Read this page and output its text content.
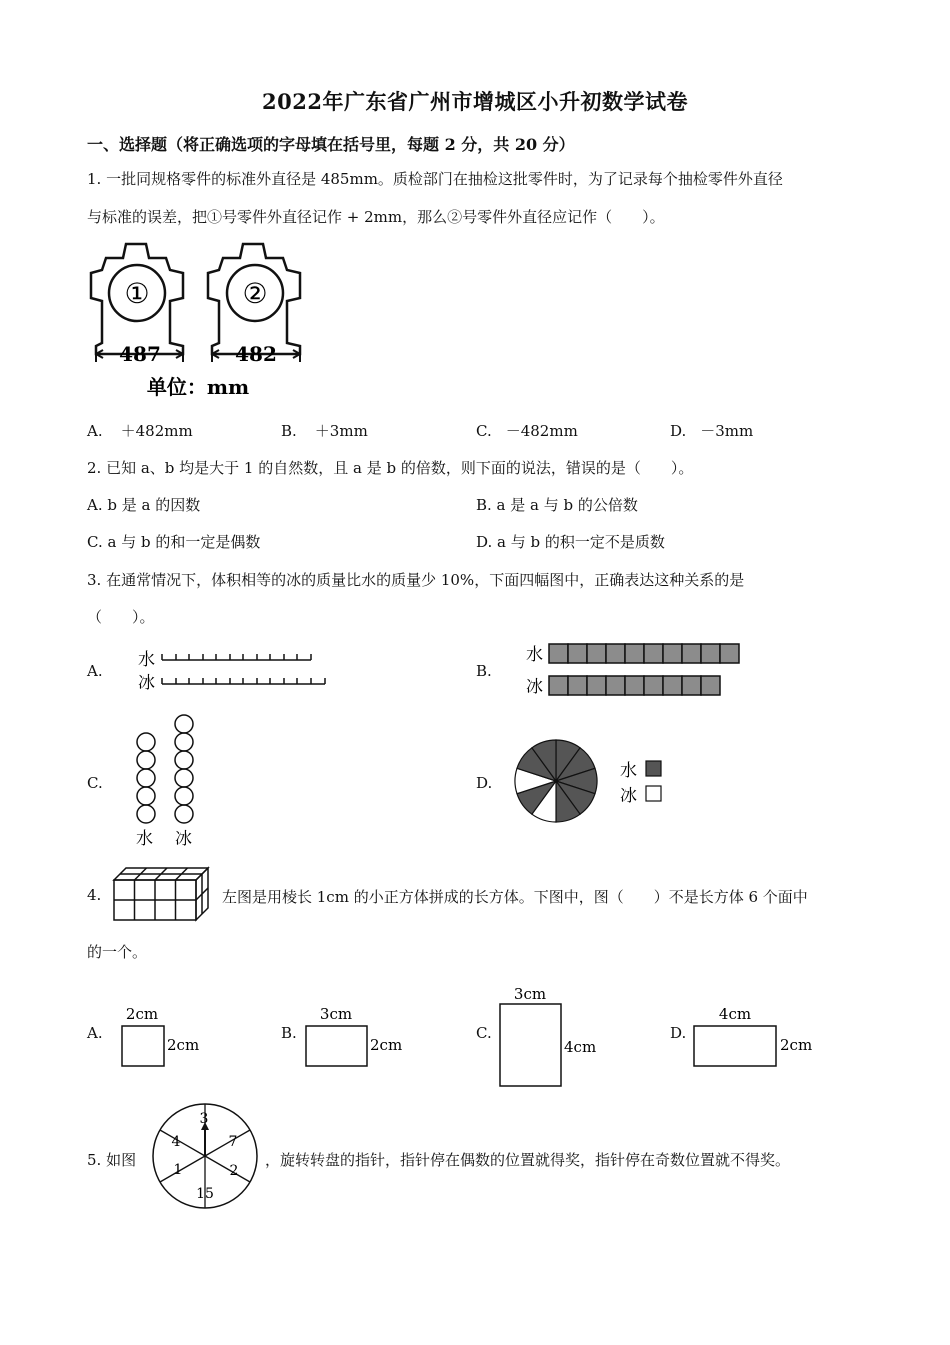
2022年广东省广州市增城区小升初数学试卷
一、选择题（将正确选项的字母填在括号里，每题 2 分，共 20 分）
1. 一批同规格零件的标准外直径是 485mm。质检部门在抽检这批零件时，为了记录每个抽检零件外直径
与标准的误差，把①号零件外直径记作 + 2mm，那么②号零件外直径应记作（　　）。
①	②
487	482
单位：mm
A. ＋482mm	B. ＋3mm	C. －482mm	D. －3mm
2. 已知 a、b 均是大于 1 的自然数，且 a 是 b 的倍数，则下面的说法，错误的是（　　）。
A. b 是 a 的因数	B. a 是 a 与 b 的公倍数
C. a 与 b 的和一定是偶数	D. a 与 b 的积一定不是质数
3. 在通常情况下，体积相等的冰的质量比水的质量少 10%，下面四幅图中，正确表达这种关系的是
（　　）。
A.
水
冰
B.
水
冰
C.
水 冰
D.
水
冰
4.	左图是用棱长 1cm 的小正方体拼成的长方体。下图中，图（　　）不是长方体 6 个面中
的一个。
A.
2cm
2cm
B.
3cm
2cm
C.
3cm
4cm
D.
4cm
2cm
5. 如图
3
7
2
15
1
4
，旋转转盘的指针，指针停在偶数的位置就得奖，指针停在奇数位置就不得奖。
